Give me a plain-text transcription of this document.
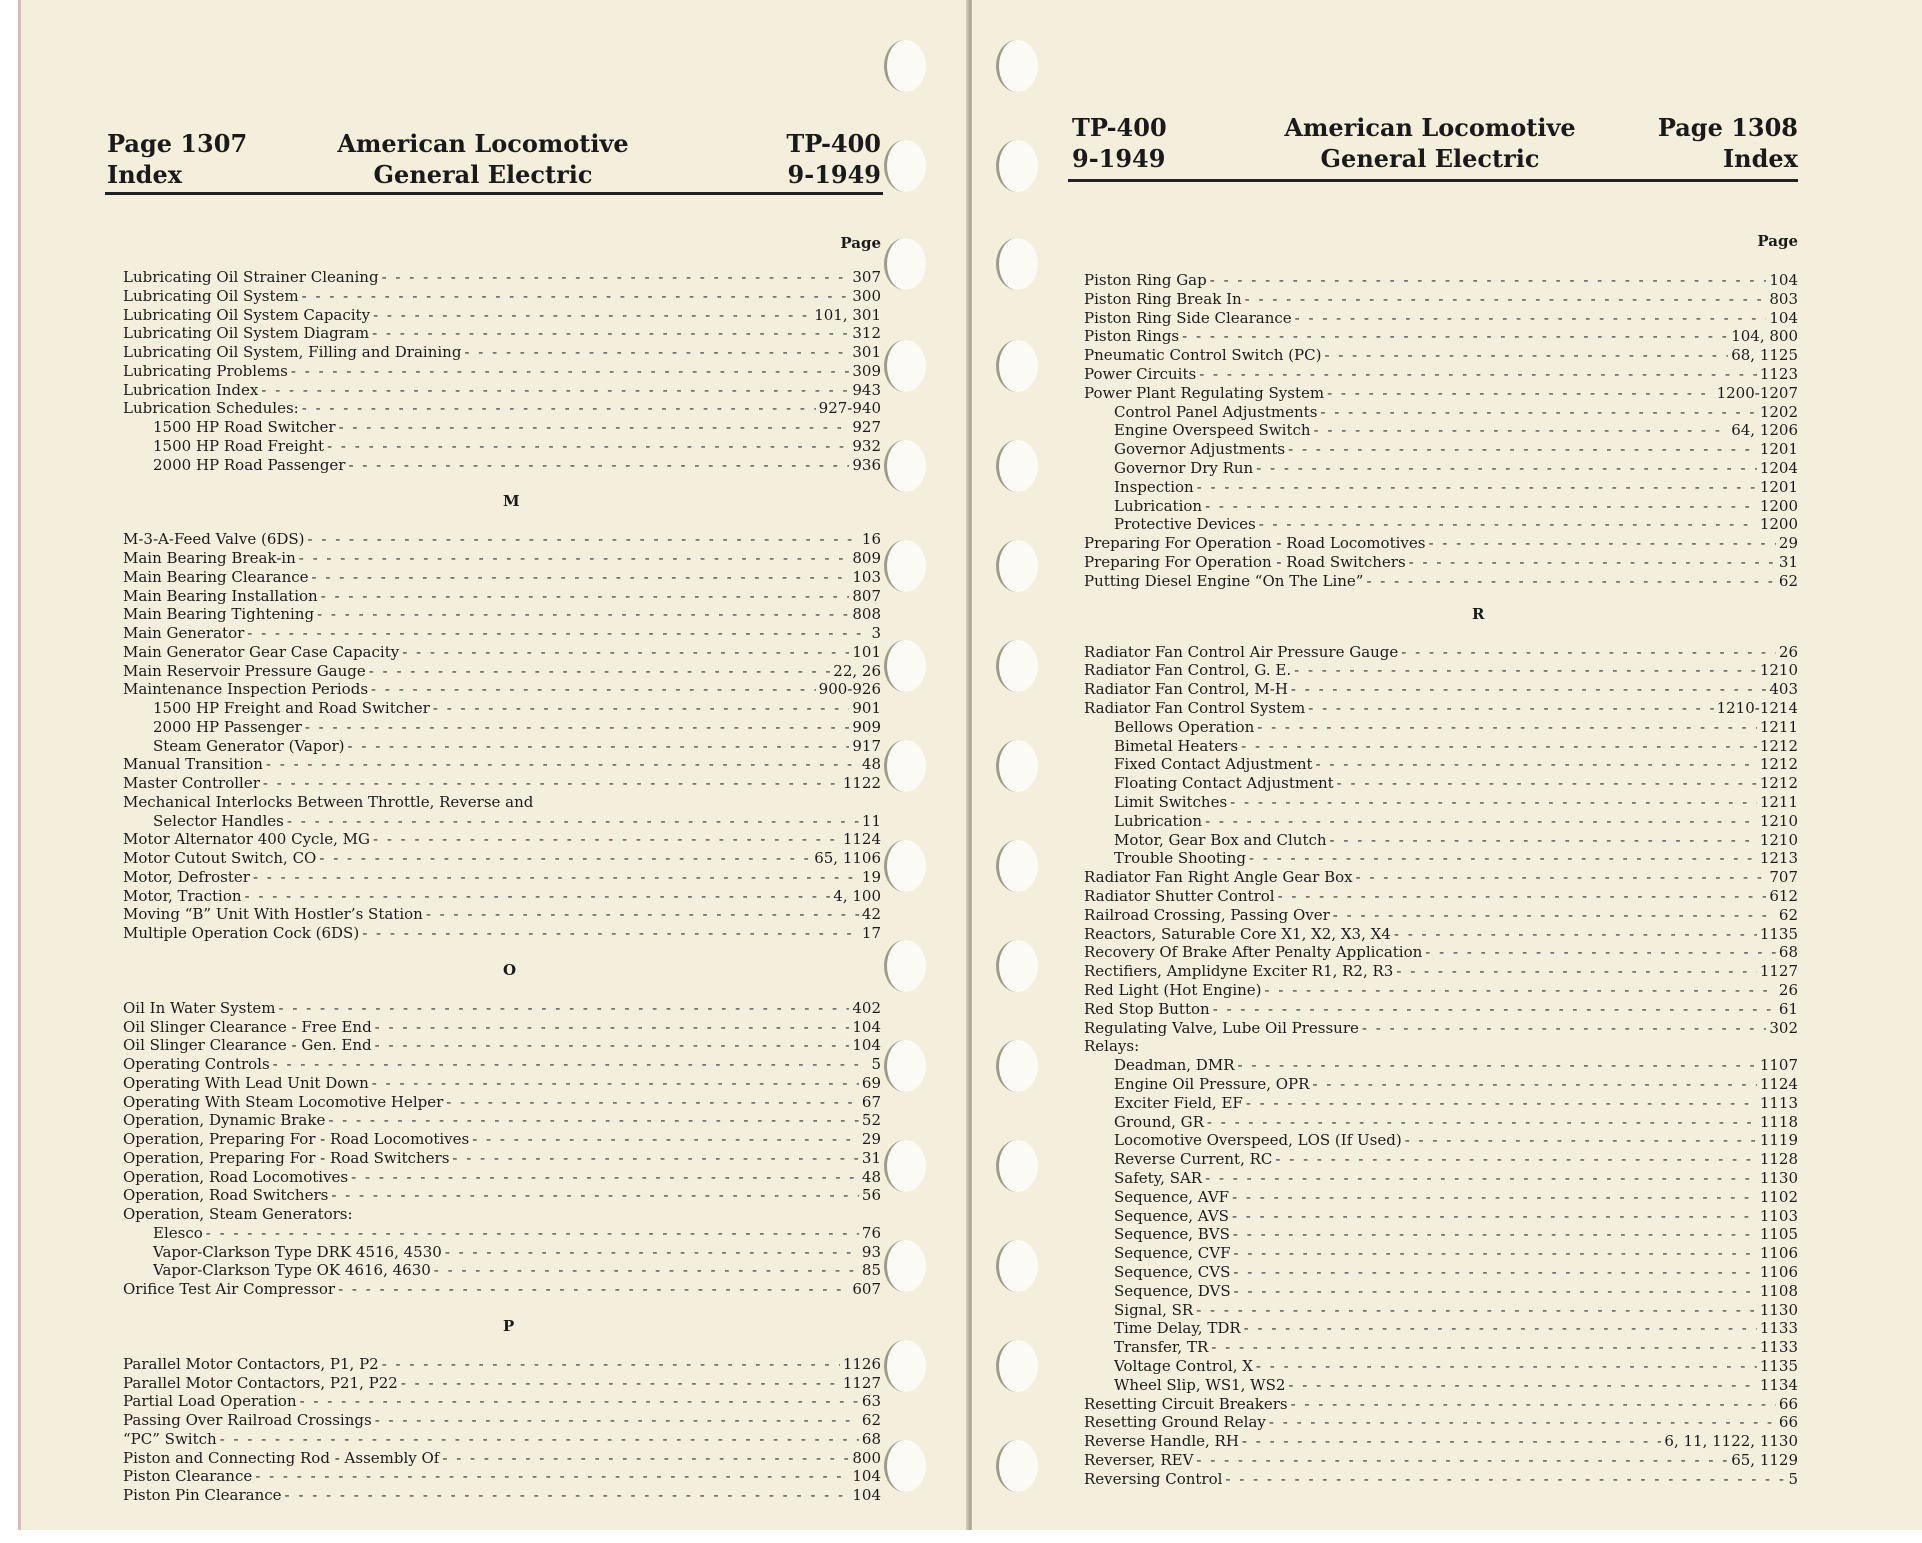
Page 1307
Index
American Locomotive
General Electric
TP-400
9-1949
Page
Lubricating Oil Strainer Cleaning - - -	307
Lubricating Oil System - - -	300
Lubricating Oil System Capacity - - -	101, 301
Lubricating Oil System Diagram - - -	312
Lubricating Oil System, Filling and Draining - - -	301
Lubricating Problems - - -	309
Lubrication Index - - -	943
Lubrication Schedules: - - -	927-940
1500 HP Road Switcher - - -	927
1500 HP Road Freight - - -	932
2000 HP Road Passenger - - -	936
M
M-3-A-Feed Valve (6DS) - - -	16
Main Bearing Break-in - - -	809
Main Bearing Clearance - - -	103
Main Bearing Installation - - -	807
Main Bearing Tightening - - -	808
Main Generator - - -	3
Main Generator Gear Case Capacity - - -	101
Main Reservoir Pressure Gauge - - -	22, 26
Maintenance Inspection Periods - - -	900-926
1500 HP Freight and Road Switcher - - -	901
2000 HP Passenger - - -	909
Steam Generator (Vapor) - - -	917
Manual Transition - - -	48
Master Controller - - -	1122
Mechanical Interlocks Between Throttle, Reverse and
Selector Handles - - -	11
Motor Alternator 400 Cycle, MG - - -	1124
Motor Cutout Switch, CO - - -	65, 1106
Motor, Defroster - - -	19
Motor, Traction - - -	4, 100
Moving “B” Unit With Hostler’s Station - - -	42
Multiple Operation Cock (6DS) - - -	17
O
Oil In Water System - - -	402
Oil Slinger Clearance - Free End - - -	104
Oil Slinger Clearance - Gen. End - - -	104
Operating Controls - - -	5
Operating With Lead Unit Down - - -	69
Operating With Steam Locomotive Helper - - -	67
Operation, Dynamic Brake - - -	52
Operation, Preparing For - Road Locomotives - - -	29
Operation, Preparing For - Road Switchers - - -	31
Operation, Road Locomotives - - -	48
Operation, Road Switchers - - -	56
Operation, Steam Generators:
Elesco - - -	76
Vapor-Clarkson Type DRK 4516, 4530 - - -	93
Vapor-Clarkson Type OK 4616, 4630 - - -	85
Orifice Test Air Compressor - - -	607
P
Parallel Motor Contactors, P1, P2 - - -	1126
Parallel Motor Contactors, P21, P22 - - -	1127
Partial Load Operation - - -	63
Passing Over Railroad Crossings - - -	62
“PC” Switch - - -	68
Piston and Connecting Rod - Assembly Of - - -	800
Piston Clearance - - -	104
Piston Pin Clearance - - -	104
TP-400
9-1949
American Locomotive
General Electric
Page 1308
Index
Page
Piston Ring Gap - - -	104
Piston Ring Break In - - -	803
Piston Ring Side Clearance - - -	104
Piston Rings - - -	104, 800
Pneumatic Control Switch (PC) - - -	68, 1125
Power Circuits - - -	1123
Power Plant Regulating System - - -	1200-1207
Control Panel Adjustments - - -	1202
Engine Overspeed Switch - - -	64, 1206
Governor Adjustments - - -	1201
Governor Dry Run - - -	1204
Inspection - - -	1201
Lubrication - - -	1200
Protective Devices - - -	1200
Preparing For Operation - Road Locomotives - - -	29
Preparing For Operation - Road Switchers - - -	31
Putting Diesel Engine “On The Line” - - -	62
R
Radiator Fan Control Air Pressure Gauge - - -	26
Radiator Fan Control, G. E. - - -	1210
Radiator Fan Control, M-H - - -	403
Radiator Fan Control System - - -	1210-1214
Bellows Operation - - -	1211
Bimetal Heaters - - -	1212
Fixed Contact Adjustment - - -	1212
Floating Contact Adjustment - - -	1212
Limit Switches - - -	1211
Lubrication - - -	1210
Motor, Gear Box and Clutch - - -	1210
Trouble Shooting - - -	1213
Radiator Fan Right Angle Gear Box - - -	707
Radiator Shutter Control - - -	612
Railroad Crossing, Passing Over - - -	62
Reactors, Saturable Core X1, X2, X3, X4 - - -	1135
Recovery Of Brake After Penalty Application - - -	68
Rectifiers, Amplidyne Exciter R1, R2, R3 - - -	1127
Red Light (Hot Engine) - - -	26
Red Stop Button - - -	61
Regulating Valve, Lube Oil Pressure - - -	302
Relays:
Deadman, DMR - - -	1107
Engine Oil Pressure, OPR - - -	1124
Exciter Field, EF - - -	1113
Ground, GR - - -	1118
Locomotive Overspeed, LOS (If Used) - - -	1119
Reverse Current, RC - - -	1128
Safety, SAR - - -	1130
Sequence, AVF - - -	1102
Sequence, AVS - - -	1103
Sequence, BVS - - -	1105
Sequence, CVF - - -	1106
Sequence, CVS - - -	1106
Sequence, DVS - - -	1108
Signal, SR - - -	1130
Time Delay, TDR - - -	1133
Transfer, TR - - -	1133
Voltage Control, X - - -	1135
Wheel Slip, WS1, WS2 - - -	1134
Resetting Circuit Breakers - - -	66
Resetting Ground Relay - - -	66
Reverse Handle, RH - - -	6, 11, 1122, 1130
Reverser, REV - - -	65, 1129
Reversing Control - - -	5
